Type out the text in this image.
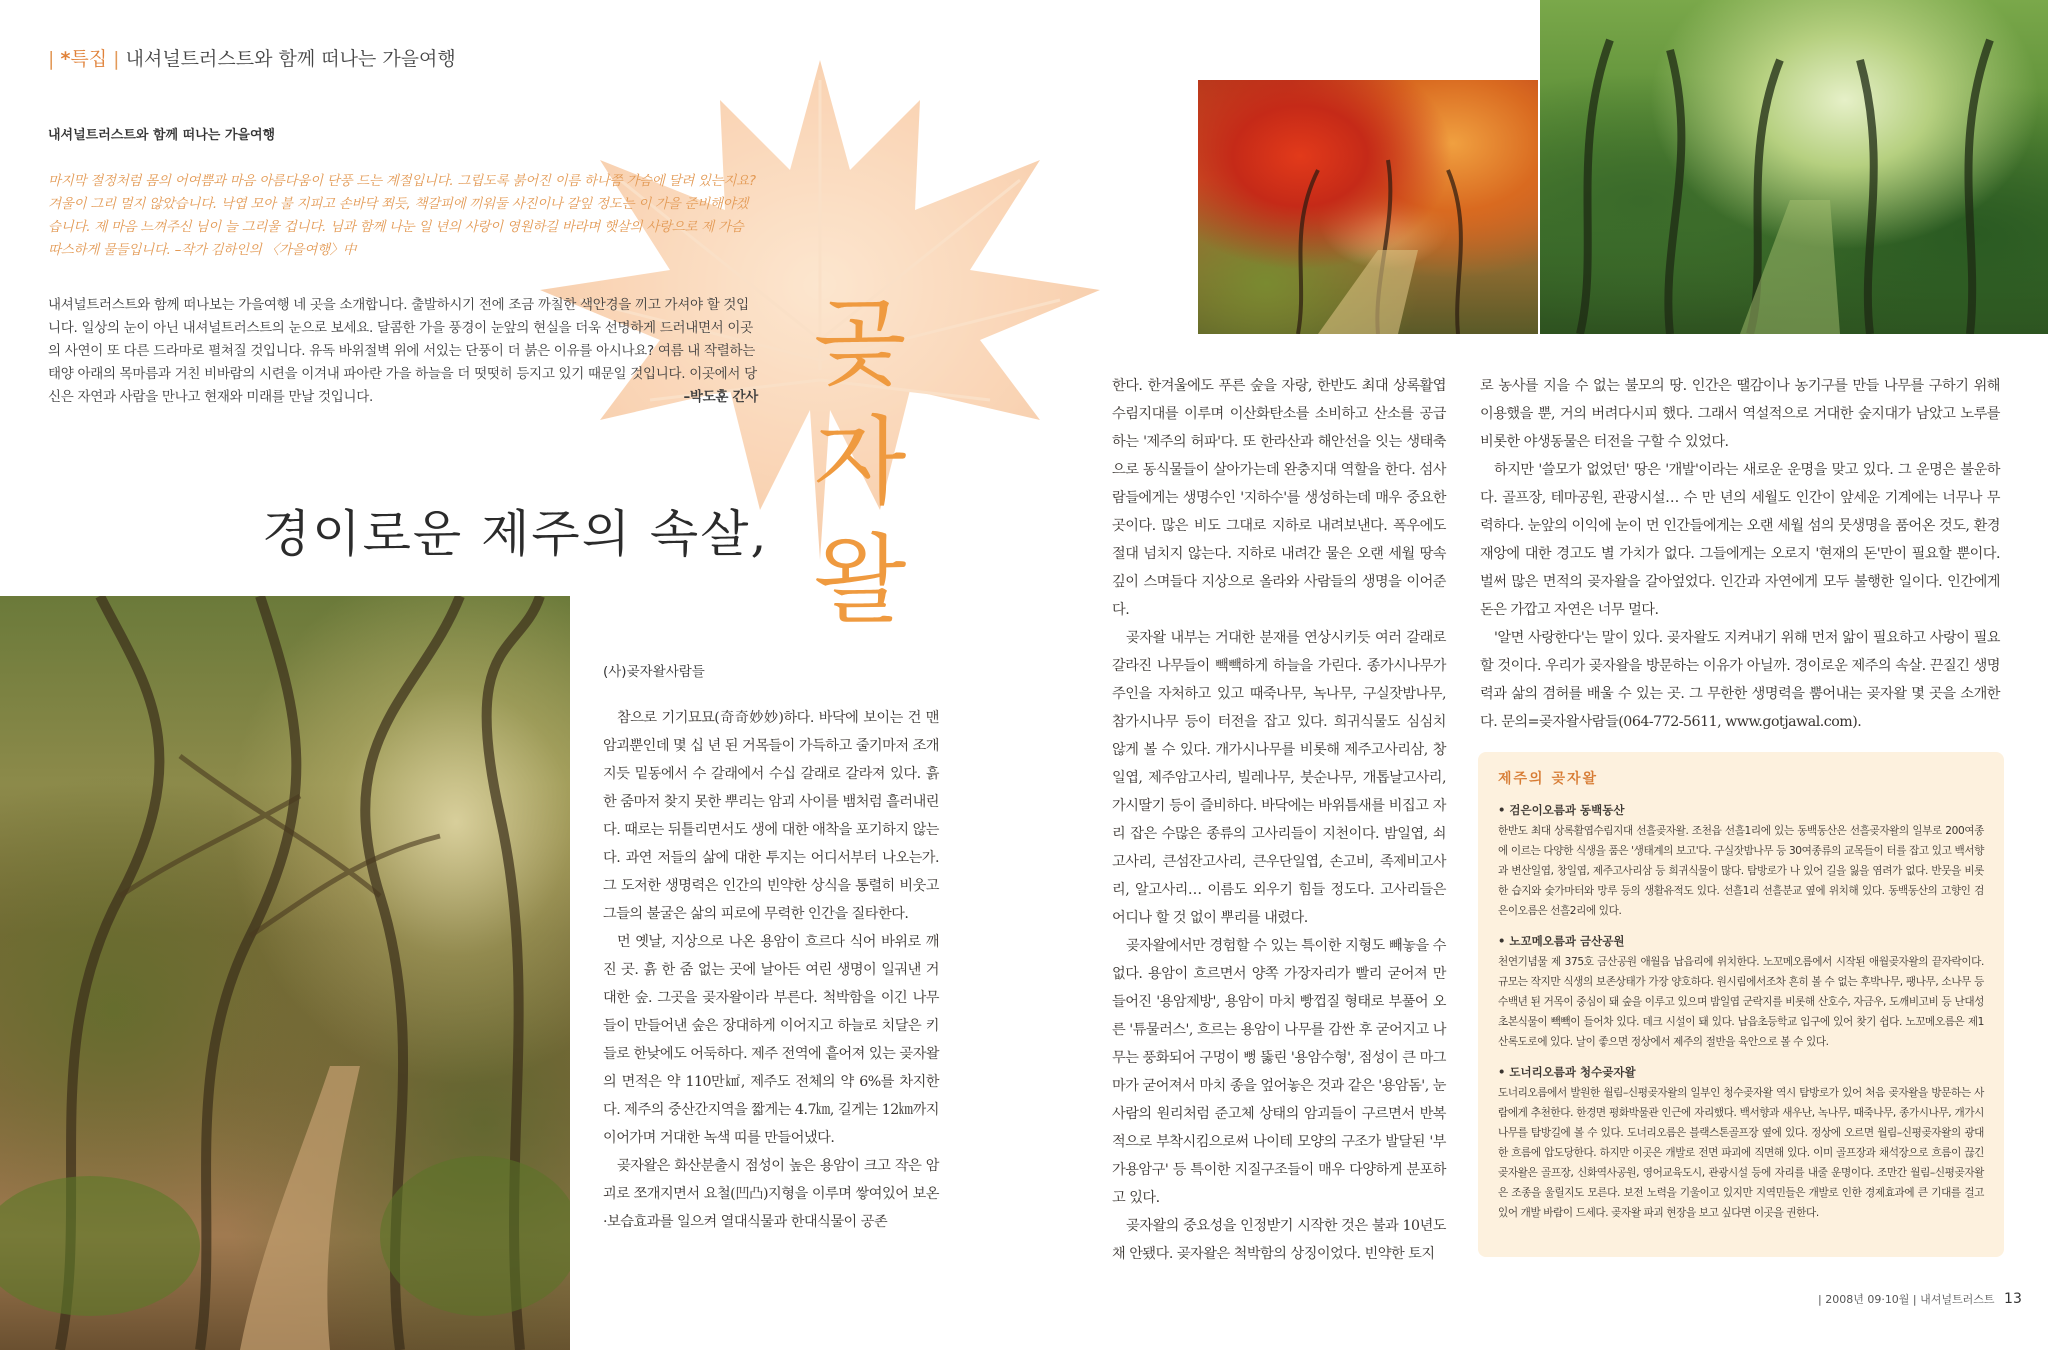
| *특집 | 내셔널트러스트와 함께 떠나는 가을여행
내셔널트러스트와 함께 떠나는 가을여행

마지막 절정처럼 몸의 어여쁨과 마음 아름다움이 단풍 드는 계절입니다. 그립도록 붉어진 이름 하나쯤 가슴에 달려 있는지요? 겨울이 그리 멀지 않았습니다. 낙엽 모아 불 지피고 손바닥 쬐듯, 책갈피에 끼워둘 사진이나 갈잎 정도는 이 가을 준비해야겠습니다. 제 마음 느껴주신 님이 늘 그리울 겁니다. 님과 함께 나눈 일 년의 사랑이 영원하길 바라며 햇살의 사랑으로 제 가슴 따스하게 물들입니다. –작가 김하인의 〈가을여행〉中

내셔널트러스트와 함께 떠나보는 가을여행 네 곳을 소개합니다. 출발하시기 전에 조금 까칠한 색안경을 끼고 가셔야 할 것입니다. 일상의 눈이 아닌 내셔널트러스트의 눈으로 보세요. 달콤한 가을 풍경이 눈앞의 현실을 더욱 선명하게 드러내면서 이곳의 사연이 또 다른 드라마로 펼쳐질 것입니다. 유독 바위절벽 위에 서있는 단풍이 더 붉은 이유를 아시나요? 여름 내 작렬하는 태양 아래의 목마름과 거친 비바람의 시련을 이겨내 파아란 가을 하늘을 더 떳떳히 등지고 있기 때문일 것입니다. 이곳에서 당신은 자연과 사람을 만나고 현재와 미래를 만날 것입니다.	–박도훈 간사 곶
자
왈
경이로운 제주의 속살,
(사)곶자왈사람들

참으로 기기묘묘(奇奇妙妙)하다. 바닥에 보이는 건 맨 암괴뿐인데 몇 십 년 된 거목들이 가득하고 줄기마저 조개지듯 밑동에서 수 갈래에서 수십 갈래로 갈라져 있다. 흙 한 줌마저 찾지 못한 뿌리는 암괴 사이를 뱀처럼 흘러내린다. 때로는 뒤틀리면서도 생에 대한 애착을 포기하지 않는다. 과연 저들의 삶에 대한 투지는 어디서부터 나오는가. 그 도저한 생명력은 인간의 빈약한 상식을 통렬히 비웃고 그들의 불굴은 삶의 피로에 무력한 인간을 질타한다.

먼 옛날, 지상으로 나온 용암이 흐르다 식어 바위로 깨진 곳. 흙 한 줌 없는 곳에 날아든 여린 생명이 일궈낸 거대한 숲. 그곳을 곶자왈이라 부른다. 척박함을 이긴 나무들이 만들어낸 숲은 장대하게 이어지고 하늘로 치달은 키들로 한낮에도 어둑하다. 제주 전역에 흩어져 있는 곶자왈의 면적은 약 110만㎢, 제주도 전체의 약 6%를 차지한다. 제주의 중산간지역을 짧게는 4.7㎞, 길게는 12㎞까지 이어가며 거대한 녹색 띠를 만들어냈다.

곶자왈은 화산분출시 점성이 높은 용암이 크고 작은 암괴로 쪼개지면서 요철(凹凸)지형을 이루며 쌓여있어 보온·보습효과를 일으켜 열대식물과 한대식물이 공존

한다. 한겨울에도 푸른 숲을 자랑, 한반도 최대 상록활엽수림지대를 이루며 이산화탄소를 소비하고 산소를 공급하는 '제주의 허파'다. 또 한라산과 해안선을 잇는 생태축으로 동식물들이 살아가는데 완충지대 역할을 한다. 섬사람들에게는 생명수인 '지하수'를 생성하는데 매우 중요한 곳이다. 많은 비도 그대로 지하로 내려보낸다. 폭우에도 절대 넘치지 않는다. 지하로 내려간 물은 오랜 세월 땅속 깊이 스며들다 지상으로 올라와 사람들의 생명을 이어준다.

곶자왈 내부는 거대한 분재를 연상시키듯 여러 갈래로 갈라진 나무들이 빽빽하게 하늘을 가린다. 종가시나무가 주인을 자처하고 있고 때죽나무, 녹나무, 구실잣밤나무, 참가시나무 등이 터전을 잡고 있다. 희귀식물도 심심치 않게 볼 수 있다. 개가시나무를 비롯해 제주고사리삼, 창일엽, 제주암고사리, 빌레나무, 붓순나무, 개톱날고사리, 가시딸기 등이 즐비하다. 바닥에는 바위틈새를 비집고 자리 잡은 수많은 종류의 고사리들이 지천이다. 밤일엽, 쇠고사리, 큰섬잔고사리, 큰우단일엽, 손고비, 족제비고사리, 알고사리… 이름도 외우기 힘들 정도다. 고사리들은 어디나 할 것 없이 뿌리를 내렸다.

곶자왈에서만 경험할 수 있는 특이한 지형도 빼놓을 수 없다. 용암이 흐르면서 양쪽 가장자리가 빨리 굳어져 만들어진 '용암제방', 용암이 마치 빵껍질 형태로 부풀어 오른 '튜물러스', 흐르는 용암이 나무를 감싼 후 굳어지고 나무는 풍화되어 구멍이 뻥 뚫린 '용암수형', 점성이 큰 마그마가 굳어져서 마치 종을 엎어놓은 것과 같은 '용암돔', 눈사람의 원리처럼 준고체 상태의 암괴들이 구르면서 반복적으로 부착시킴으로써 나이테 모양의 구조가 발달된 '부가용암구' 등 특이한 지질구조들이 매우 다양하게 분포하고 있다.

곶자왈의 중요성을 인정받기 시작한 것은 불과 10년도 채 안됐다. 곶자왈은 척박함의 상징이었다. 빈약한 토지

로 농사를 지을 수 없는 불모의 땅. 인간은 땔감이나 농기구를 만들 나무를 구하기 위해 이용했을 뿐, 거의 버려다시피 했다. 그래서 역설적으로 거대한 숲지대가 남았고 노루를 비롯한 야생동물은 터전을 구할 수 있었다.

하지만 '쓸모가 없었던' 땅은 '개발'이라는 새로운 운명을 맞고 있다. 그 운명은 불운하다. 골프장, 테마공원, 관광시설… 수 만 년의 세월도 인간이 앞세운 기계에는 너무나 무력하다. 눈앞의 이익에 눈이 먼 인간들에게는 오랜 세월 섬의 뭇생명을 품어온 것도, 환경재앙에 대한 경고도 별 가치가 없다. 그들에게는 오로지 '현재의 돈'만이 필요할 뿐이다. 벌써 많은 면적의 곶자왈을 갈아엎었다. 인간과 자연에게 모두 불행한 일이다. 인간에게 돈은 가깝고 자연은 너무 멀다.

'알면 사랑한다'는 말이 있다. 곶자왈도 지켜내기 위해 먼저 앎이 필요하고 사랑이 필요할 것이다. 우리가 곶자왈을 방문하는 이유가 아닐까. 경이로운 제주의 속살. 끈질긴 생명력과 삶의 겸허를 배울 수 있는 곳. 그 무한한 생명력을 뿜어내는 곶자왈 몇 곳을 소개한다. 문의=곶자왈사람들(064-772-5611, www.gotjawal.com).

제주의 곶자왈
• 검은이오름과 동백동산

한반도 최대 상록활엽수림지대 선흘곶자왈. 조천읍 선흘1리에 있는 동백동산은 선흘곶자왈의 일부로 200여종에 이르는 다양한 식생을 품은 '생태계의 보고'다. 구실잣밤나무 등 30여종류의 교목들이 터를 잡고 있고 백서향과 변산일엽, 창일엽, 제주고사리삼 등 희귀식물이 많다. 탐방로가 나 있어 길을 잃을 염려가 없다. 반뭇을 비롯한 습지와 숯가마터와 망루 등의 생활유적도 있다. 선흘1리 선흘분교 옆에 위치해 있다. 동백동산의 고향인 검은이오름은 선흘2리에 있다.

• 노꼬메오름과 금산공원

천연기념물 제 375호 금산공원 애월읍 납읍리에 위치한다. 노꼬메오름에서 시작된 애월곶자왈의 끝자락이다. 규모는 작지만 식생의 보존상태가 가장 양호하다. 원시림에서조차 흔히 볼 수 없는 후박나무, 팽나무, 소나무 등 수백년 된 거목이 중심이 돼 숲을 이루고 있으며 밤일엽 군락지를 비롯해 산호수, 자금우, 도깨비고비 등 난대성 초본식물이 빽빽이 들어차 있다. 데크 시설이 돼 있다. 납읍초등학교 입구에 있어 찾기 쉽다. 노꼬메오름은 제1산록도로에 있다. 날이 좋으면 정상에서 제주의 절반을 육안으로 볼 수 있다.

• 도너리오름과 청수곶자왈

도너리오름에서 발원한 월림–신평곶자왈의 일부인 청수곶자왈 역시 탐방로가 있어 처음 곶자왈을 방문하는 사람에게 추천한다. 한경면 평화박물관 인근에 자리했다. 백서향과 새우난, 녹나무, 때죽나무, 종가시나무, 개가시나무를 탐방길에 볼 수 있다. 도너리오름은 블랙스톤골프장 옆에 있다. 정상에 오르면 월림–신평곶자왈의 광대한 흐름에 압도당한다. 하지만 이곳은 개발로 전면 파괴에 직면해 있다. 이미 골프장과 채석장으로 흐름이 끊긴 곶자왈은 골프장, 신화역사공원, 영어교육도시, 관광시설 등에 자리를 내줄 운명이다. 조만간 월림–신평곶자왈은 조종을 울릴지도 모른다. 보전 노력을 기울이고 있지만 지역민들은 개발로 인한 경제효과에 큰 기대를 걸고 있어 개발 바람이 드세다. 곶자왈 파괴 현장을 보고 싶다면 이곳을 권한다.

| 2008년 09·10월 | 내셔널트러스트 13
